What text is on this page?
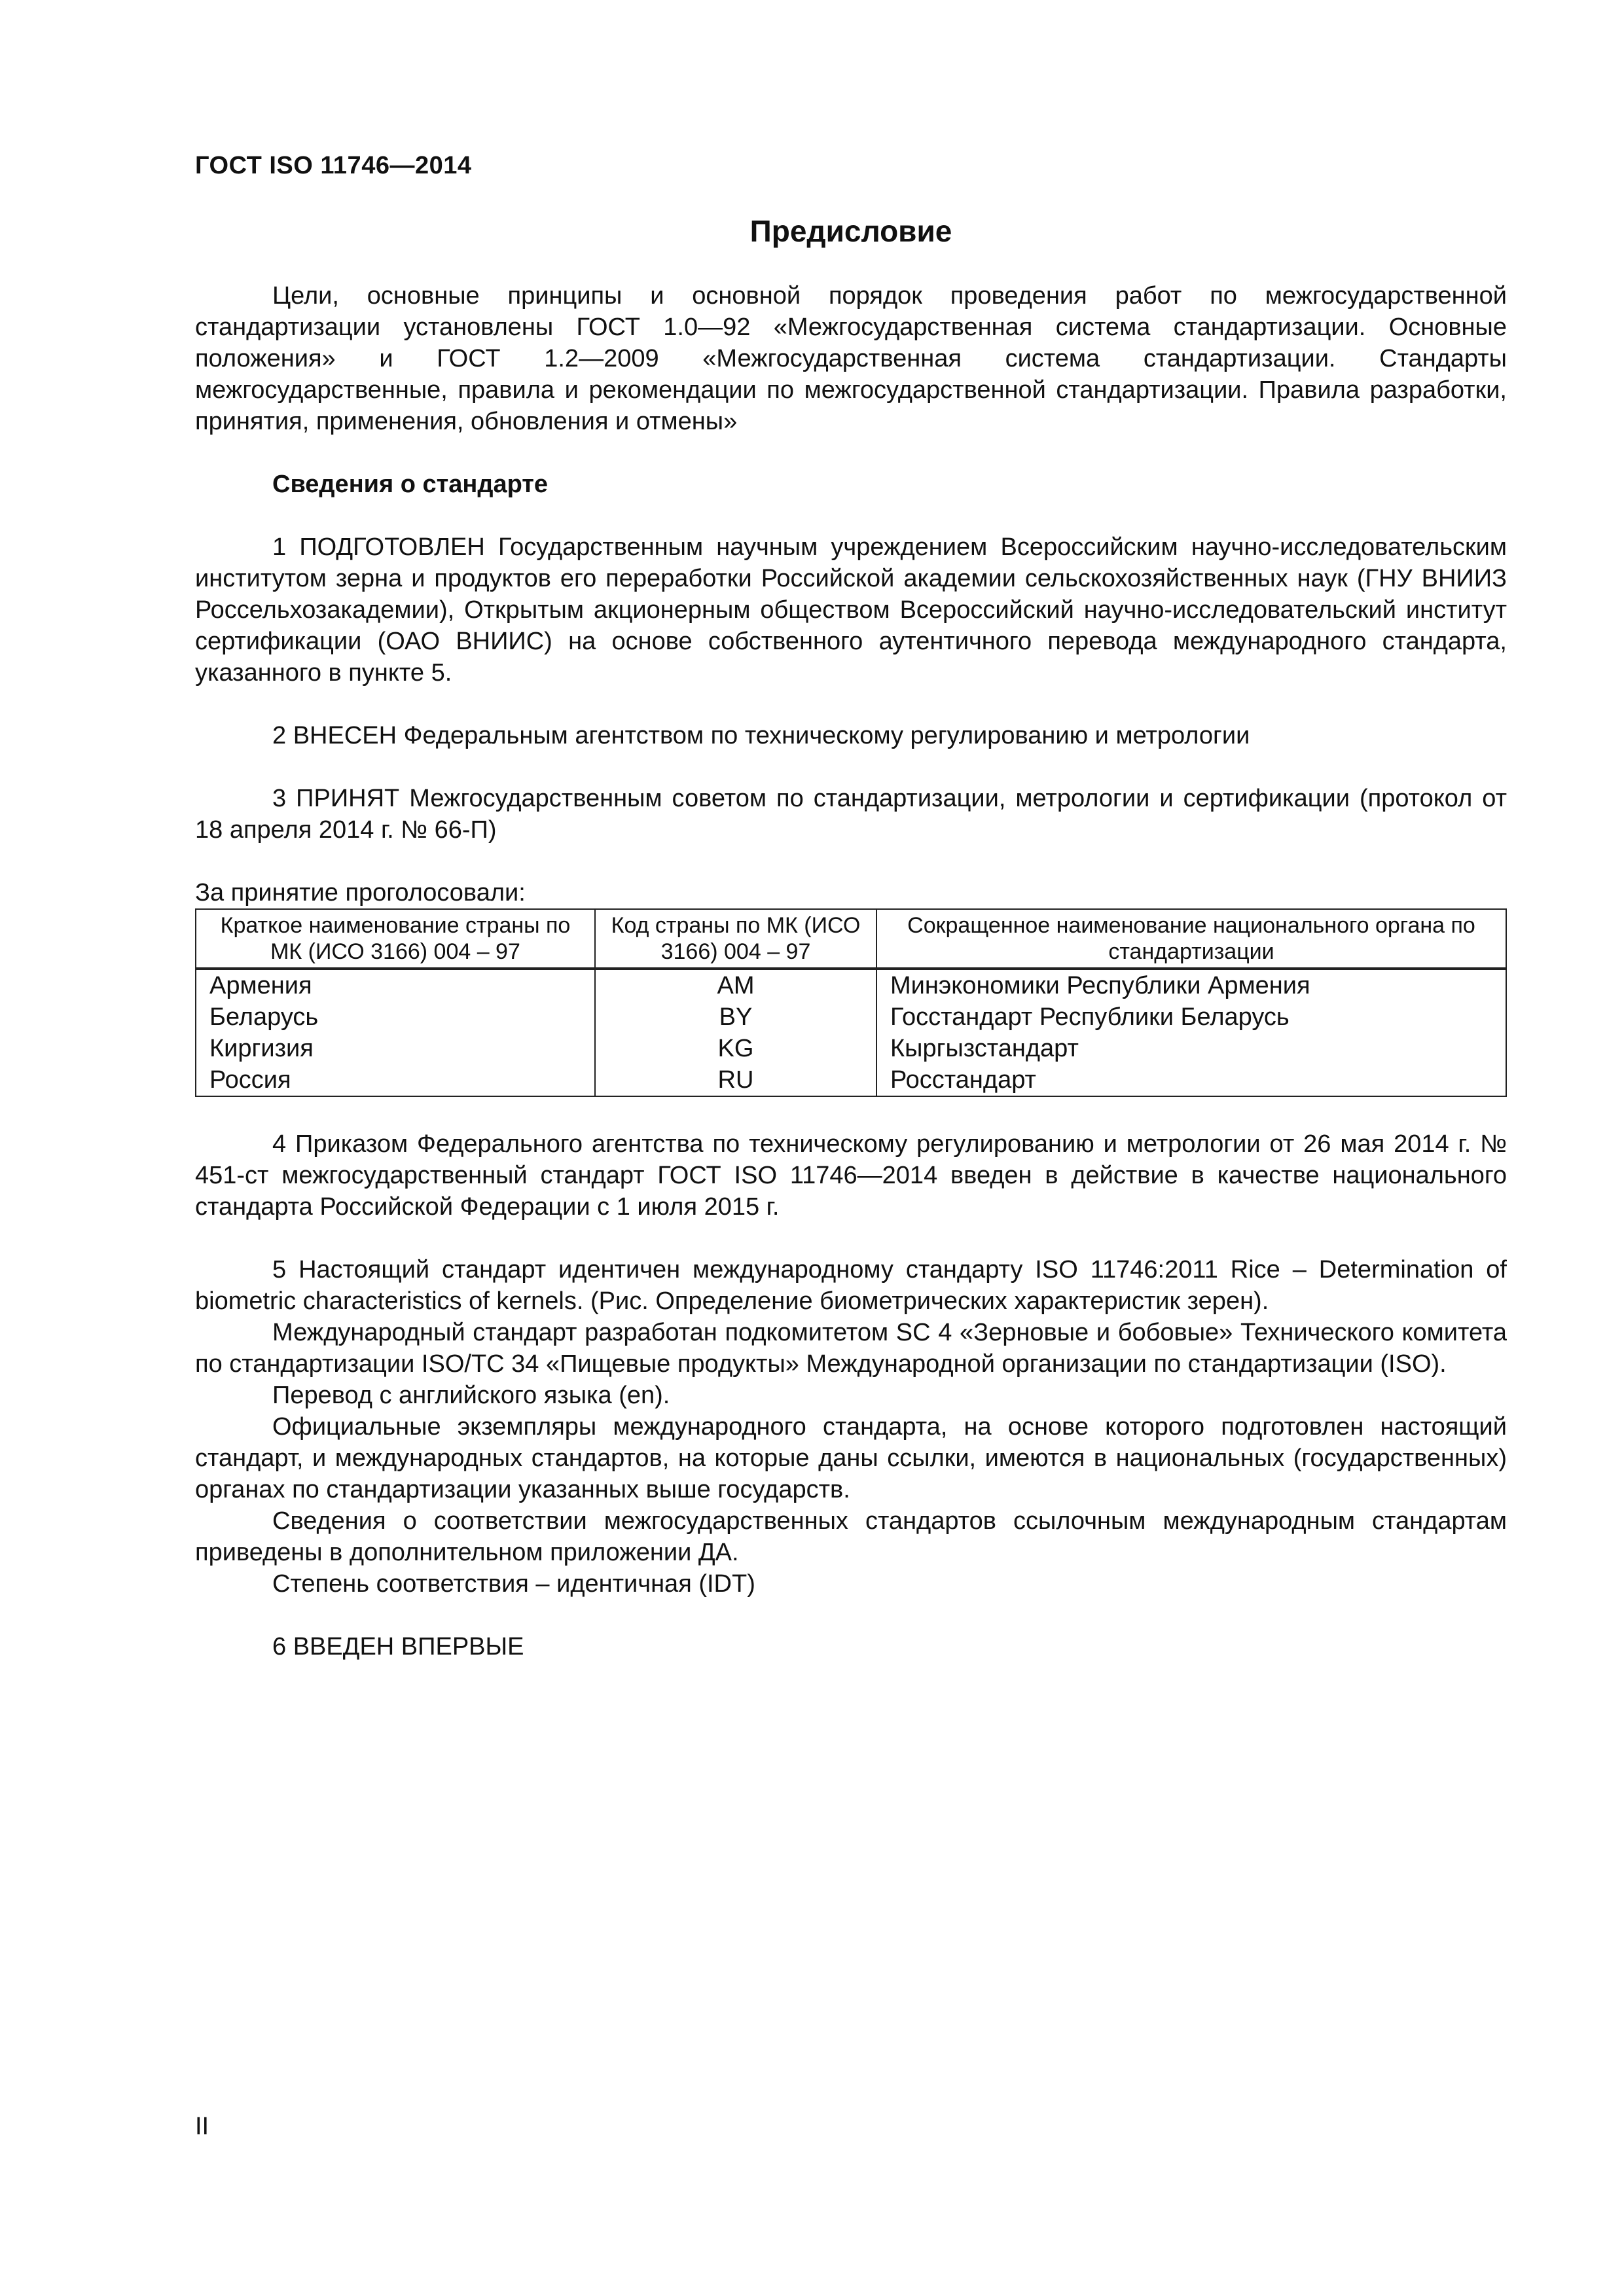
ГОСТ ISO 11746—2014
Предисловие

Цели, основные принципы и основной порядок проведения работ по межгосударственной стандартизации установлены ГОСТ 1.0—92 «Межгосударственная система стандартизации. Основные положения» и ГОСТ 1.2—2009 «Межгосударственная система стандартизации. Стандарты межгосударственные, правила и рекомендации по межгосударственной стандартизации. Правила разработки, принятия, применения, обновления и отмены»

Сведения о стандарте

1 ПОДГОТОВЛЕН Государственным научным учреждением Всероссийским научно-исследовательским институтом зерна и продуктов его переработки Российской академии сельскохозяйственных наук (ГНУ ВНИИЗ Россельхозакадемии), Открытым акционерным обществом Всероссийский научно-исследовательский институт сертификации (ОАО ВНИИС) на основе собственного аутентичного перевода международного стандарта, указанного в пункте 5.

2 ВНЕСЕН Федеральным агентством по техническому регулированию и метрологии

3 ПРИНЯТ Межгосударственным советом по стандартизации, метрологии и сертификации (протокол от 18 апреля 2014 г. № 66-П)

За принятие проголосовали:
Краткое наименование страны по МК (ИСО 3166) 004 – 97	Код страны по МК (ИСО 3166) 004 – 97	Сокращенное наименование национального органа по стандартизации
Армения	AM	Минэкономики Республики Армения
Беларусь	BY	Госстандарт Республики Беларусь
Киргизия	KG	Кыргызстандарт
Россия	RU	Росстандарт

4 Приказом Федерального агентства по техническому регулированию и метрологии от 26 мая 2014 г. № 451-ст межгосударственный стандарт ГОСТ ISO 11746—2014 введен в действие в качестве национального стандарта Российской Федерации с 1 июля 2015 г.

5 Настоящий стандарт идентичен международному стандарту ISO 11746:2011 Rice – Determination of biometric characteristics of kernels. (Рис. Определение биометрических характеристик зерен).

Международный стандарт разработан подкомитетом SC 4 «Зерновые и бобовые» Технического комитета по стандартизации ISO/TC 34 «Пищевые продукты» Международной организации по стандартизации (ISO).

Перевод с английского языка (en).

Официальные экземпляры международного стандарта, на основе которого подготовлен настоящий стандарт, и международных стандартов, на которые даны ссылки, имеются в национальных (государственных) органах по стандартизации указанных выше государств.

Сведения о соответствии межгосударственных стандартов ссылочным международным стандартам приведены в дополнительном приложении ДА.

Степень соответствия – идентичная (IDT)

6 ВВЕДЕН ВПЕРВЫЕ

II
